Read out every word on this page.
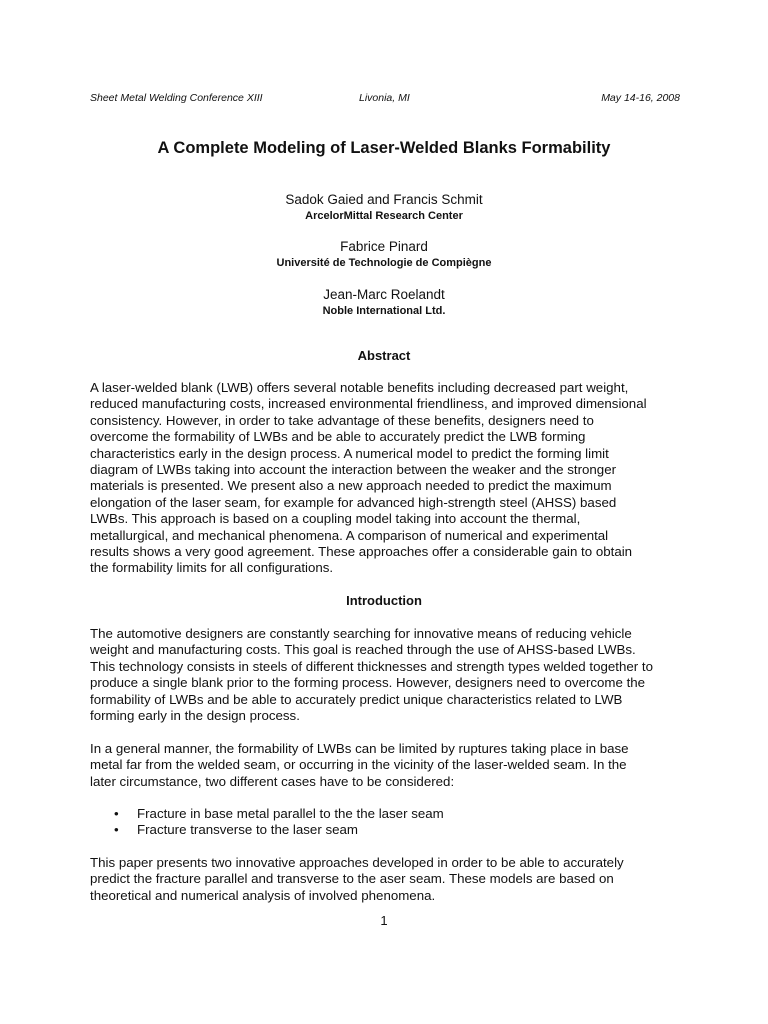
Sheet Metal Welding Conference XIII	Livonia, MI	May 14-16, 2008
A Complete Modeling of Laser-Welded Blanks Formability
Sadok Gaied and Francis Schmit
ArcelorMittal Research Center
Fabrice Pinard
Université de Technologie de Compiègne
Jean-Marc Roelandt
Noble International Ltd.
Abstract

A laser-welded blank (LWB) offers several notable benefits including decreased part weight,
reduced manufacturing costs, increased environmental friendliness, and improved dimensional
consistency. However, in order to take advantage of these benefits, designers need to
overcome the formability of LWBs and be able to accurately predict the LWB forming
characteristics early in the design process. A numerical model to predict the forming limit
diagram of LWBs taking into account the interaction between the weaker and the stronger
materials is presented. We present also a new approach needed to predict the maximum
elongation of the laser seam, for example for advanced high-strength steel (AHSS) based
LWBs. This approach is based on a coupling model taking into account the thermal,
metallurgical, and mechanical phenomena. A comparison of numerical and experimental
results shows a very good agreement. These approaches offer a considerable gain to obtain
the formability limits for all configurations.

Introduction

The automotive designers are constantly searching for innovative means of reducing vehicle
weight and manufacturing costs. This goal is reached through the use of AHSS-based LWBs.
This technology consists in steels of different thicknesses and strength types welded together to
produce a single blank prior to the forming process. However, designers need to overcome the
formability of LWBs and be able to accurately predict unique characteristics related to LWB
forming early in the design process.

In a general manner, the formability of LWBs can be limited by ruptures taking place in base
metal far from the welded seam, or occurring in the vicinity of the laser-welded seam. In the
later circumstance, two different cases have to be considered:

• Fracture in base metal parallel to the the laser seam
• Fracture transverse to the laser seam

This paper presents two innovative approaches developed in order to be able to accurately
predict the fracture parallel and transverse to the aser seam. These models are based on
theoretical and numerical analysis of involved phenomena.

1
